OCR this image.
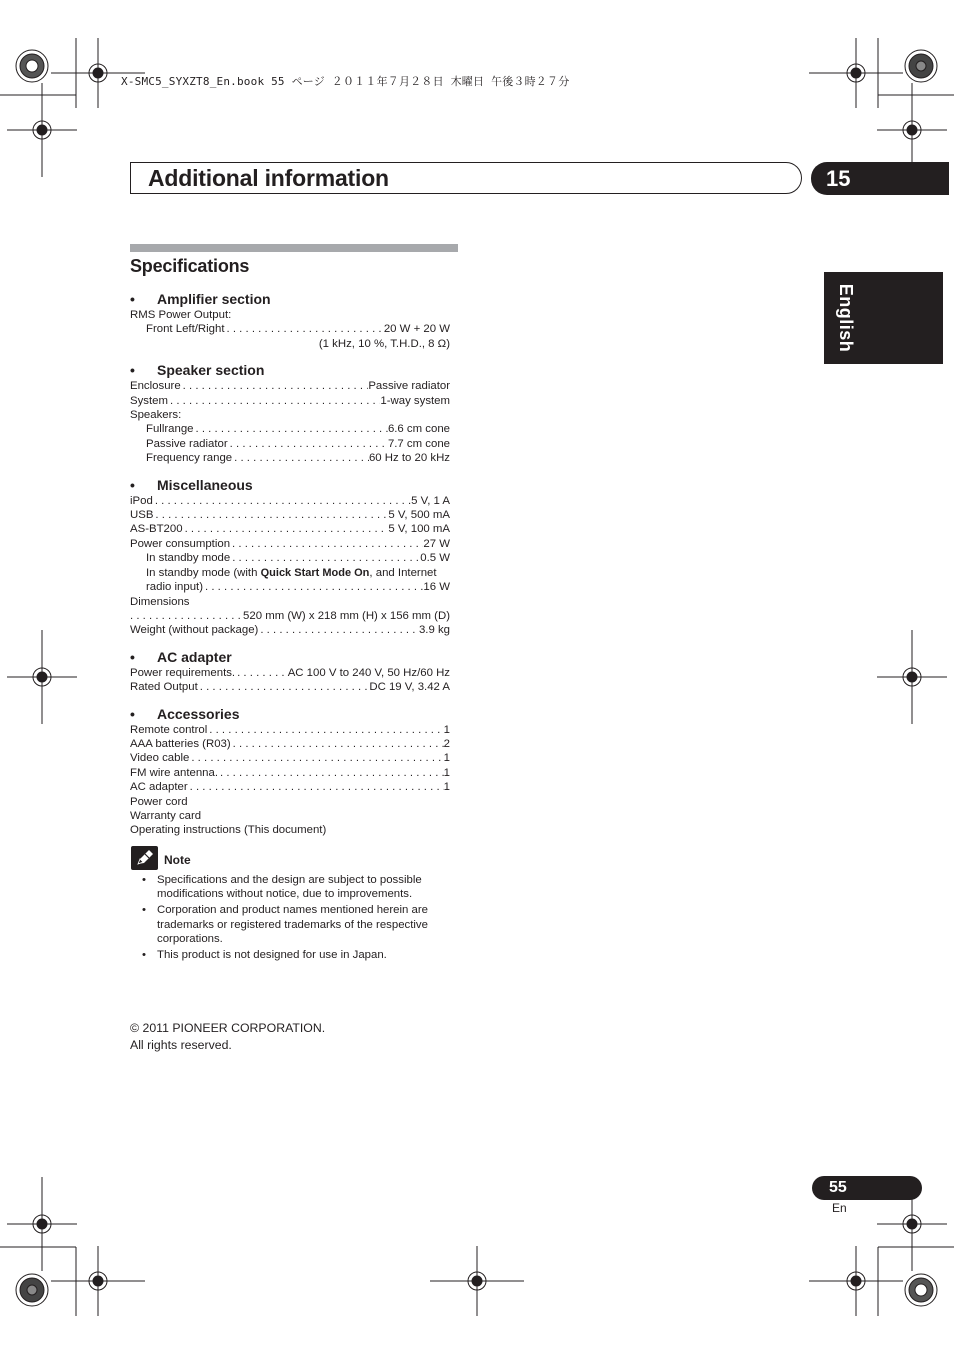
X-SMC5_SYXZT8_En.book 55 ページ ２０１１年７月２８日 木曜日 午後３時２７分
Additional information	15
English
Specifications
•	Amplifier section
RMS Power Output:
Front Left/Right . . .	20 W + 20 W
(1 kHz, 10 %, T.H.D., 8 Ω)
•	Speaker section
Enclosure . . .	Passive radiator
System . . .	1-way system
Speakers:
Fullrange . . .	6.6 cm cone
Passive radiator . . .	7.7 cm cone
Frequency range . . .	60 Hz to 20 kHz
•	Miscellaneous
iPod . . .	5 V, 1 A
USB . . .	5 V, 500 mA
AS-BT200 . . .	5 V, 100 mA
Power consumption . . .	27 W
In standby mode . . .	0.5 W
In standby mode (with Quick Start Mode On, and Internet
radio input) . . .	16 W
Dimensions
. . .
520 mm (W) x 218 mm (H) x 156 mm (D)
Weight (without package) . . .	3.9 kg
•	AC adapter
Power requirements. . . .	AC 100 V to 240 V, 50 Hz/60 Hz
Rated Output . . .	DC 19 V, 3.42 A
•	Accessories
Remote control . . .	1
AAA batteries (R03) . . .	2
Video cable . . .	1
FM wire antenna. . . .	1
AC adapter . . .	1
Power cord
Warranty card
Operating instructions (This document)
Note
• Specifications and the design are subject to possible modifications without notice, due to improvements.
• Corporation and product names mentioned herein are trademarks or registered trademarks of the respective corporations.
• This product is not designed for use in Japan.
© 2011 PIONEER CORPORATION.
All rights reserved.
55
En
